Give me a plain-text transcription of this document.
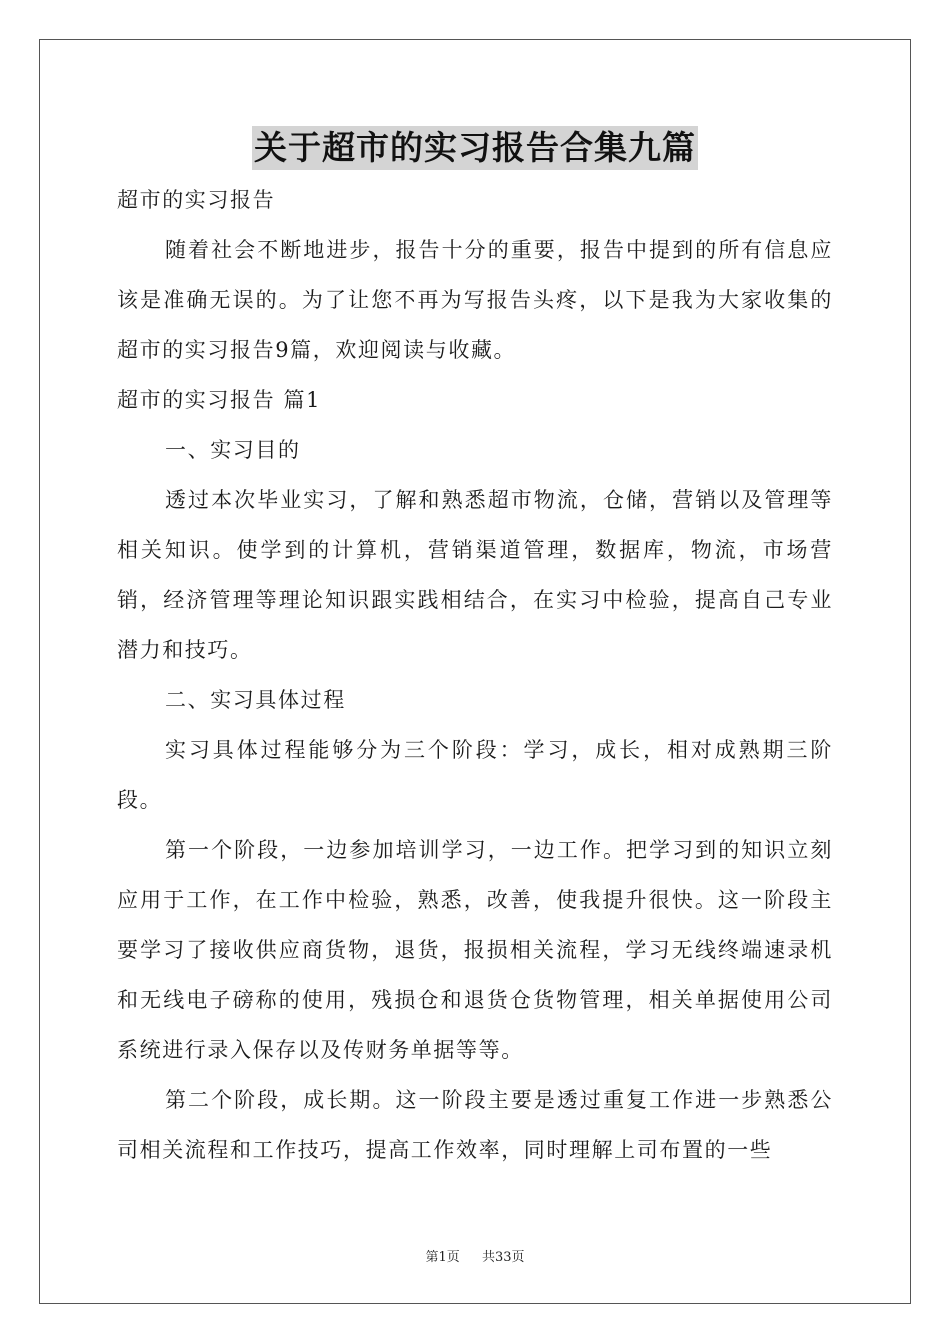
关于超市的实习报告合集九篇

超市的实习报告

随着社会不断地进步，报告十分的重要，报告中提到的所有信息应该是准确无误的。为了让您不再为写报告头疼，以下是我为大家收集的超市的实习报告9篇，欢迎阅读与收藏。

超市的实习报告 篇1

一、实习目的

透过本次毕业实习，了解和熟悉超市物流，仓储，营销以及管理等相关知识。使学到的计算机，营销渠道管理，数据库，物流，市场营销，经济管理等理论知识跟实践相结合，在实习中检验，提高自己专业潜力和技巧。

二、实习具体过程

实习具体过程能够分为三个阶段：学习，成长，相对成熟期三阶段。

第一个阶段，一边参加培训学习，一边工作。把学习到的知识立刻应用于工作，在工作中检验，熟悉，改善，使我提升很快。这一阶段主要学习了接收供应商货物，退货，报损相关流程，学习无线终端速录机和无线电子磅称的使用，残损仓和退货仓货物管理，相关单据使用公司系统进行录入保存以及传财务单据等等。

第二个阶段，成长期。这一阶段主要是透过重复工作进一步熟悉公司相关流程和工作技巧，提高工作效率，同时理解上司布置的一些

第1页 共33页
